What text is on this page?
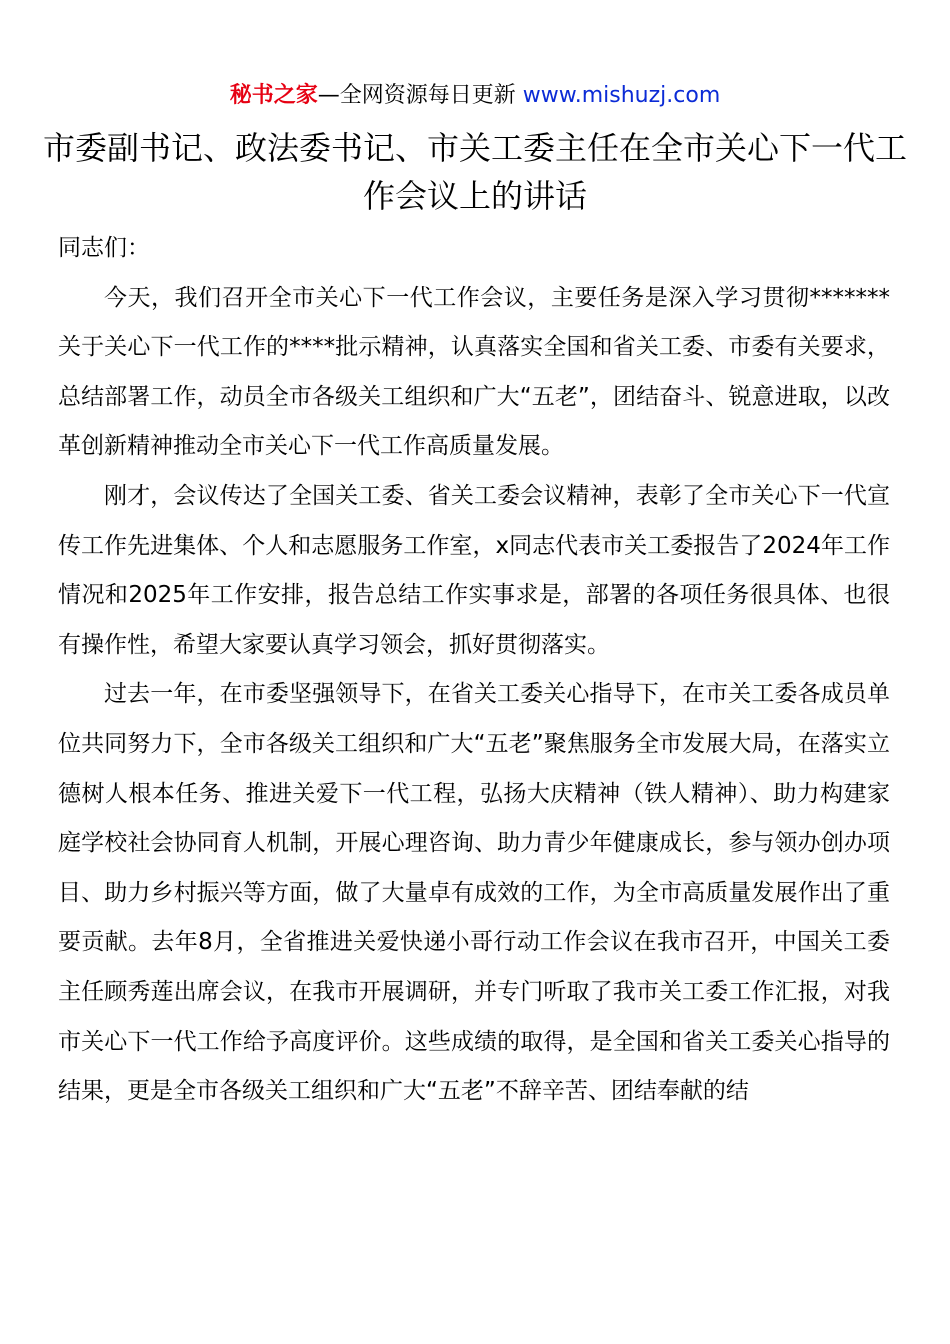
秘书之家—全网资源每日更新 www.mishuzj.com
市委副书记、政法委书记、市关工委主任在全市关心下一代工作会议上的讲话

同志们：

今天，我们召开全市关心下一代工作会议，主要任务是深入学习贯彻*******关于关心下一代工作的****批示精神，认真落实全国和省关工委、市委有关要求，总结部署工作，动员全市各级关工组织和广大“五老”，团结奋斗、锐意进取，以改革创新精神推动全市关心下一代工作高质量发展。

刚才，会议传达了全国关工委、省关工委会议精神，表彰了全市关心下一代宣传工作先进集体、个人和志愿服务工作室，x同志代表市关工委报告了2024年工作情况和2025年工作安排，报告总结工作实事求是，部署的各项任务很具体、也很有操作性，希望大家要认真学习领会，抓好贯彻落实。

过去一年，在市委坚强领导下，在省关工委关心指导下，在市关工委各成员单位共同努力下，全市各级关工组织和广大“五老”聚焦服务全市发展大局，在落实立德树人根本任务、推进关爱下一代工程，弘扬大庆精神（铁人精神）、助力构建家庭学校社会协同育人机制，开展心理咨询、助力青少年健康成长，参与领办创办项目、助力乡村振兴等方面，做了大量卓有成效的工作，为全市高质量发展作出了重要贡献。去年8月，全省推进关爱快递小哥行动工作会议在我市召开，中国关工委主任顾秀莲出席会议，在我市开展调研，并专门听取了我市关工委工作汇报，对我市关心下一代工作给予高度评价。这些成绩的取得，是全国和省关工委关心指导的结果，更是全市各级关工组织和广大“五老”不辞辛苦、团结奉献的结
